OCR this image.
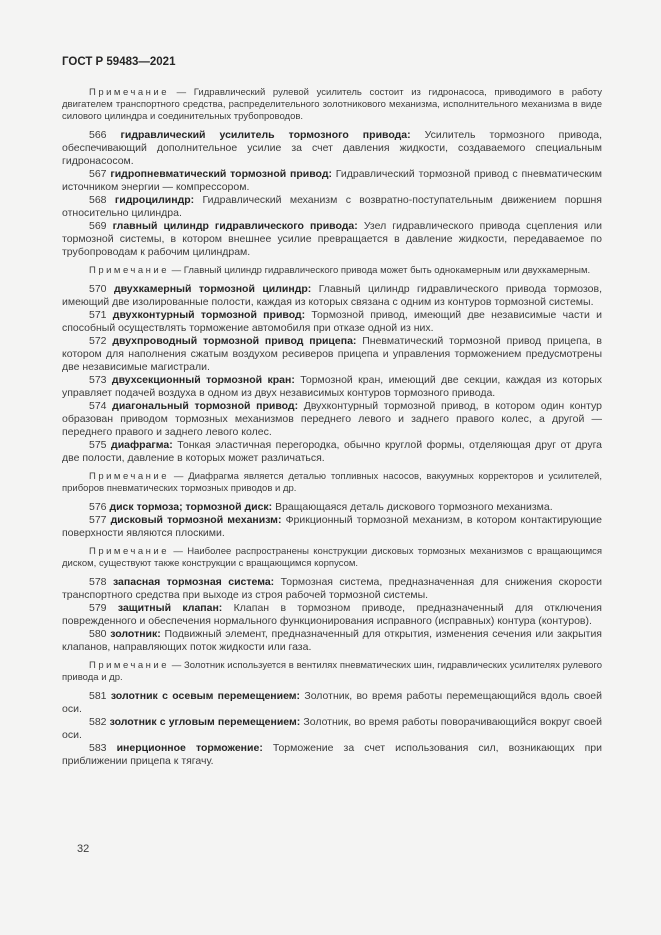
ГОСТ Р 59483—2021

Примечание — Гидравлический рулевой усилитель состоит из гидронасоса, приводимого в работу двигателем транспортного средства, распределительного золотникового механизма, исполнительного механизма в виде силового цилиндра и соединительных трубопроводов.

566 гидравлический усилитель тормозного привода: Усилитель тормозного привода, обеспечивающий дополнительное усилие за счет давления жидкости, создаваемого специальным гидронасосом.

567 гидропневматический тормозной привод: Гидравлический тормозной привод с пневматическим источником энергии — компрессором.

568 гидроцилиндр: Гидравлический механизм с возвратно-поступательным движением поршня относительно цилиндра.

569 главный цилиндр гидравлического привода: Узел гидравлического привода сцепления или тормозной системы, в котором внешнее усилие превращается в давление жидкости, передаваемое по трубопроводам к рабочим цилиндрам.

Примечание — Главный цилиндр гидравлического привода может быть однокамерным или двухкамерным.

570 двухкамерный тормозной цилиндр: Главный цилиндр гидравлического привода тормозов, имеющий две изолированные полости, каждая из которых связана с одним из контуров тормозной системы.

571 двухконтурный тормозной привод: Тормозной привод, имеющий две независимые части и способный осуществлять торможение автомобиля при отказе одной из них.

572 двухпроводный тормозной привод прицепа: Пневматический тормозной привод прицепа, в котором для наполнения сжатым воздухом ресиверов прицепа и управления торможением предусмотрены две независимые магистрали.

573 двухсекционный тормозной кран: Тормозной кран, имеющий две секции, каждая из которых управляет подачей воздуха в одном из двух независимых контуров тормозного привода.

574 диагональный тормозной привод: Двухконтурный тормозной привод, в котором один контур образован приводом тормозных механизмов переднего левого и заднего правого колес, а другой — переднего правого и заднего левого колес.

575 диафрагма: Тонкая эластичная перегородка, обычно круглой формы, отделяющая друг от друга две полости, давление в которых может различаться.

Примечание — Диафрагма является деталью топливных насосов, вакуумных корректоров и усилителей, приборов пневматических тормозных приводов и др.

576 диск тормоза; тормозной диск: Вращающаяся деталь дискового тормозного механизма.

577 дисковый тормозной механизм: Фрикционный тормозной механизм, в котором контактирующие поверхности являются плоскими.

Примечание — Наиболее распространены конструкции дисковых тормозных механизмов с вращающимся диском, существуют также конструкции с вращающимся корпусом.

578 запасная тормозная система: Тормозная система, предназначенная для снижения скорости транспортного средства при выходе из строя рабочей тормозной системы.

579 защитный клапан: Клапан в тормозном приводе, предназначенный для отключения поврежденного и обеспечения нормального функционирования исправного (исправных) контура (контуров).

580 золотник: Подвижный элемент, предназначенный для открытия, изменения сечения или закрытия клапанов, направляющих поток жидкости или газа.

Примечание — Золотник используется в вентилях пневматических шин, гидравлических усилителях рулевого привода и др.

581 золотник с осевым перемещением: Золотник, во время работы перемещающийся вдоль своей оси.

582 золотник с угловым перемещением: Золотник, во время работы поворачивающийся вокруг своей оси.

583 инерционное торможение: Торможение за счет использования сил, возникающих при приближении прицепа к тягачу.

32
